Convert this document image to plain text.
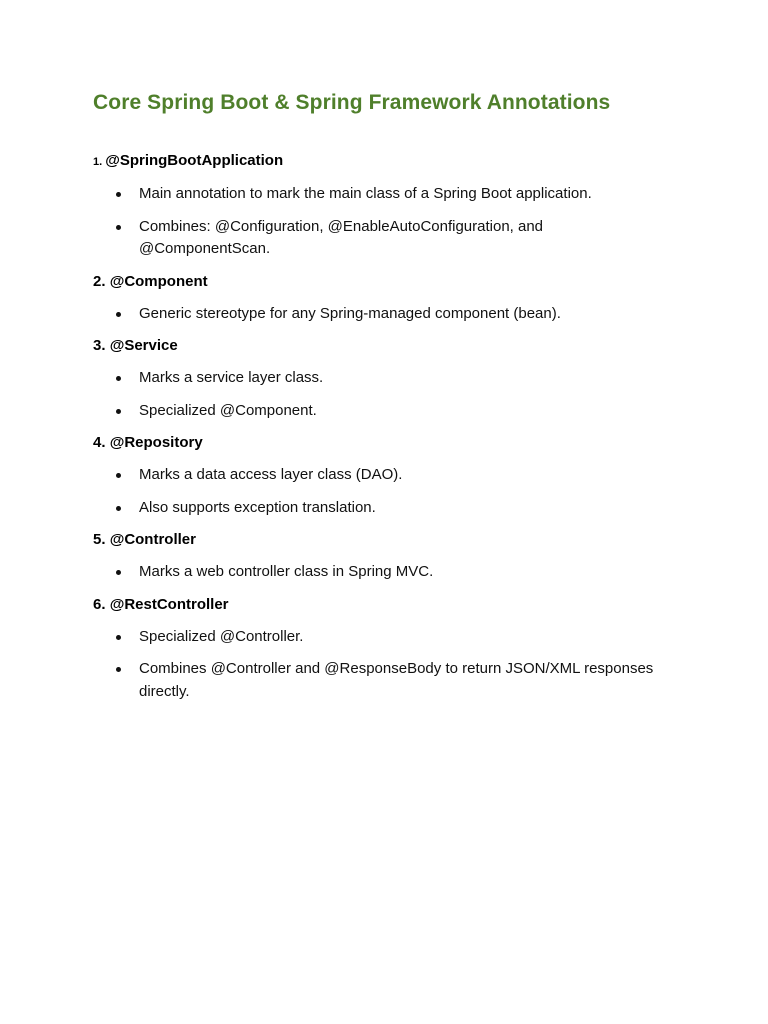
Core Spring Boot & Spring Framework Annotations
1. @SpringBootApplication
Main annotation to mark the main class of a Spring Boot application.
Combines: @Configuration, @EnableAutoConfiguration, and @ComponentScan.
2. @Component
Generic stereotype for any Spring-managed component (bean).
3. @Service
Marks a service layer class.
Specialized @Component.
4. @Repository
Marks a data access layer class (DAO).
Also supports exception translation.
5. @Controller
Marks a web controller class in Spring MVC.
6. @RestController
Specialized @Controller.
Combines @Controller and @ResponseBody to return JSON/XML responses directly.
